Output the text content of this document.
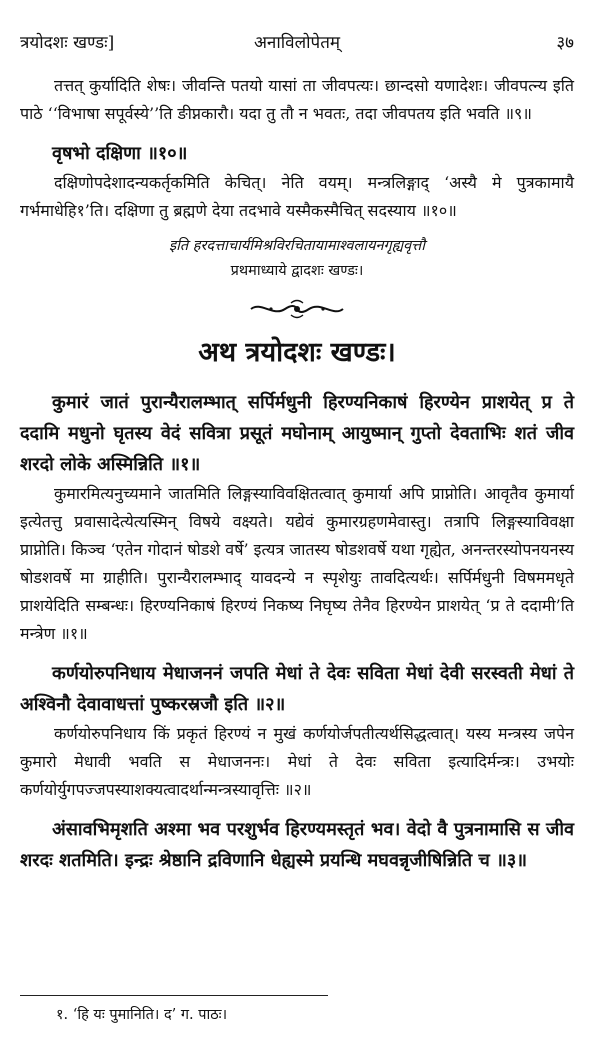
त्रयोदशः खण्डः]	अनाविलोपेतम्	३७

तत्तत् कुर्यादिति शेषः। जीवन्ति पतयो यासां ता जीवपत्यः। छान्दसो यणादेशः। जीवपत्न्य इति पाठे ‘‘विभाषा सपूर्वस्ये’’ति ङीप्नकारौ। यदा तु तौ न भवतः, तदा जीवपतय इति भवति ॥९॥

वृषभो दक्षिणा ॥१०॥

दक्षिणोपदेशादन्यकर्तृकमिति केचित्। नेति वयम्। मन्त्रलिङ्गाद् ‘अस्यै मे पुत्रकामायै गर्भमाधेहि१’ति। दक्षिणा तु ब्रह्मणे देया तदभावे यस्मैकस्मैचित् सदस्याय ॥१०॥

इति हरदत्ताचार्यमिश्रविरचितायामाश्वलायनगृह्यवृत्तौ

प्रथमाध्याये द्वादशः खण्डः।

अथ त्रयोदशः खण्डः।

कुमारं जातं पुरान्यैरालम्भात् सर्पिर्मधुनी हिरण्यनिकाषं हिरण्येन प्राशयेत् प्र ते ददामि मधुनो घृतस्य वेदं सवित्रा प्रसूतं मघोनाम् आयुष्मान् गुप्तो देवताभिः शतं जीव शरदो लोके अस्मिन्निति ॥१॥

कुमारमित्यनुच्यमाने जातमिति लिङ्गस्याविवक्षितत्वात् कुमार्या अपि प्राप्नोति। आवृतैव कुमार्या इत्येतत्तु प्रवासादेत्येत्यस्मिन् विषये वक्ष्यते। यद्येवं कुमारग्रहणमेवास्तु। तत्रापि लिङ्गस्याविवक्षा प्राप्नोति। किञ्च ‘एतेन गोदानं षोडशे वर्षे’ इत्यत्र जातस्य षोडशवर्षे यथा गृह्येत, अनन्तरस्योपनयनस्य षोडशवर्षे मा ग्राहीति। पुरान्यैरालम्भाद् यावदन्ये न स्पृशेयुः तावदित्यर्थः। सर्पिर्मधुनी विषममधृते प्राशयेदिति सम्बन्धः। हिरण्यनिकाषं हिरण्यं निकष्य निघृष्य तेनैव हिरण्येन प्राशयेत् ‘प्र ते ददामी’ति मन्त्रेण ॥१॥

कर्णयोरुपनिधाय मेधाजननं जपति मेधां ते देवः सविता मेधां देवी सरस्वती मेधां ते अश्विनौ देवावाधत्तां पुष्करस्रजौ इति ॥२॥

कर्णयोरुपनिधाय किं प्रकृतं हिरण्यं न मुखं कर्णयोर्जपतीत्यर्थसिद्धत्वात्। यस्य मन्त्रस्य जपेन कुमारो मेधावी भवति स मेधाजननः। मेधां ते देवः सविता इत्यादिर्मन्त्रः। उभयोः कर्णयोर्युगपज्जपस्याशक्यत्वादर्थान्मन्त्रस्यावृत्तिः ॥२॥

अंसावभिमृशति अश्मा भव परशुर्भव हिरण्यमस्तृतं भव। वेदो वै पुत्रनामासि स जीव शरदः शतमिति। इन्द्रः श्रेष्ठानि द्रविणानि धेह्यस्मे प्रयन्धि मघवन्नृजीषिन्निति च ॥३॥

१. ‘हि यः पुमानिति। द’ ग. पाठः।
